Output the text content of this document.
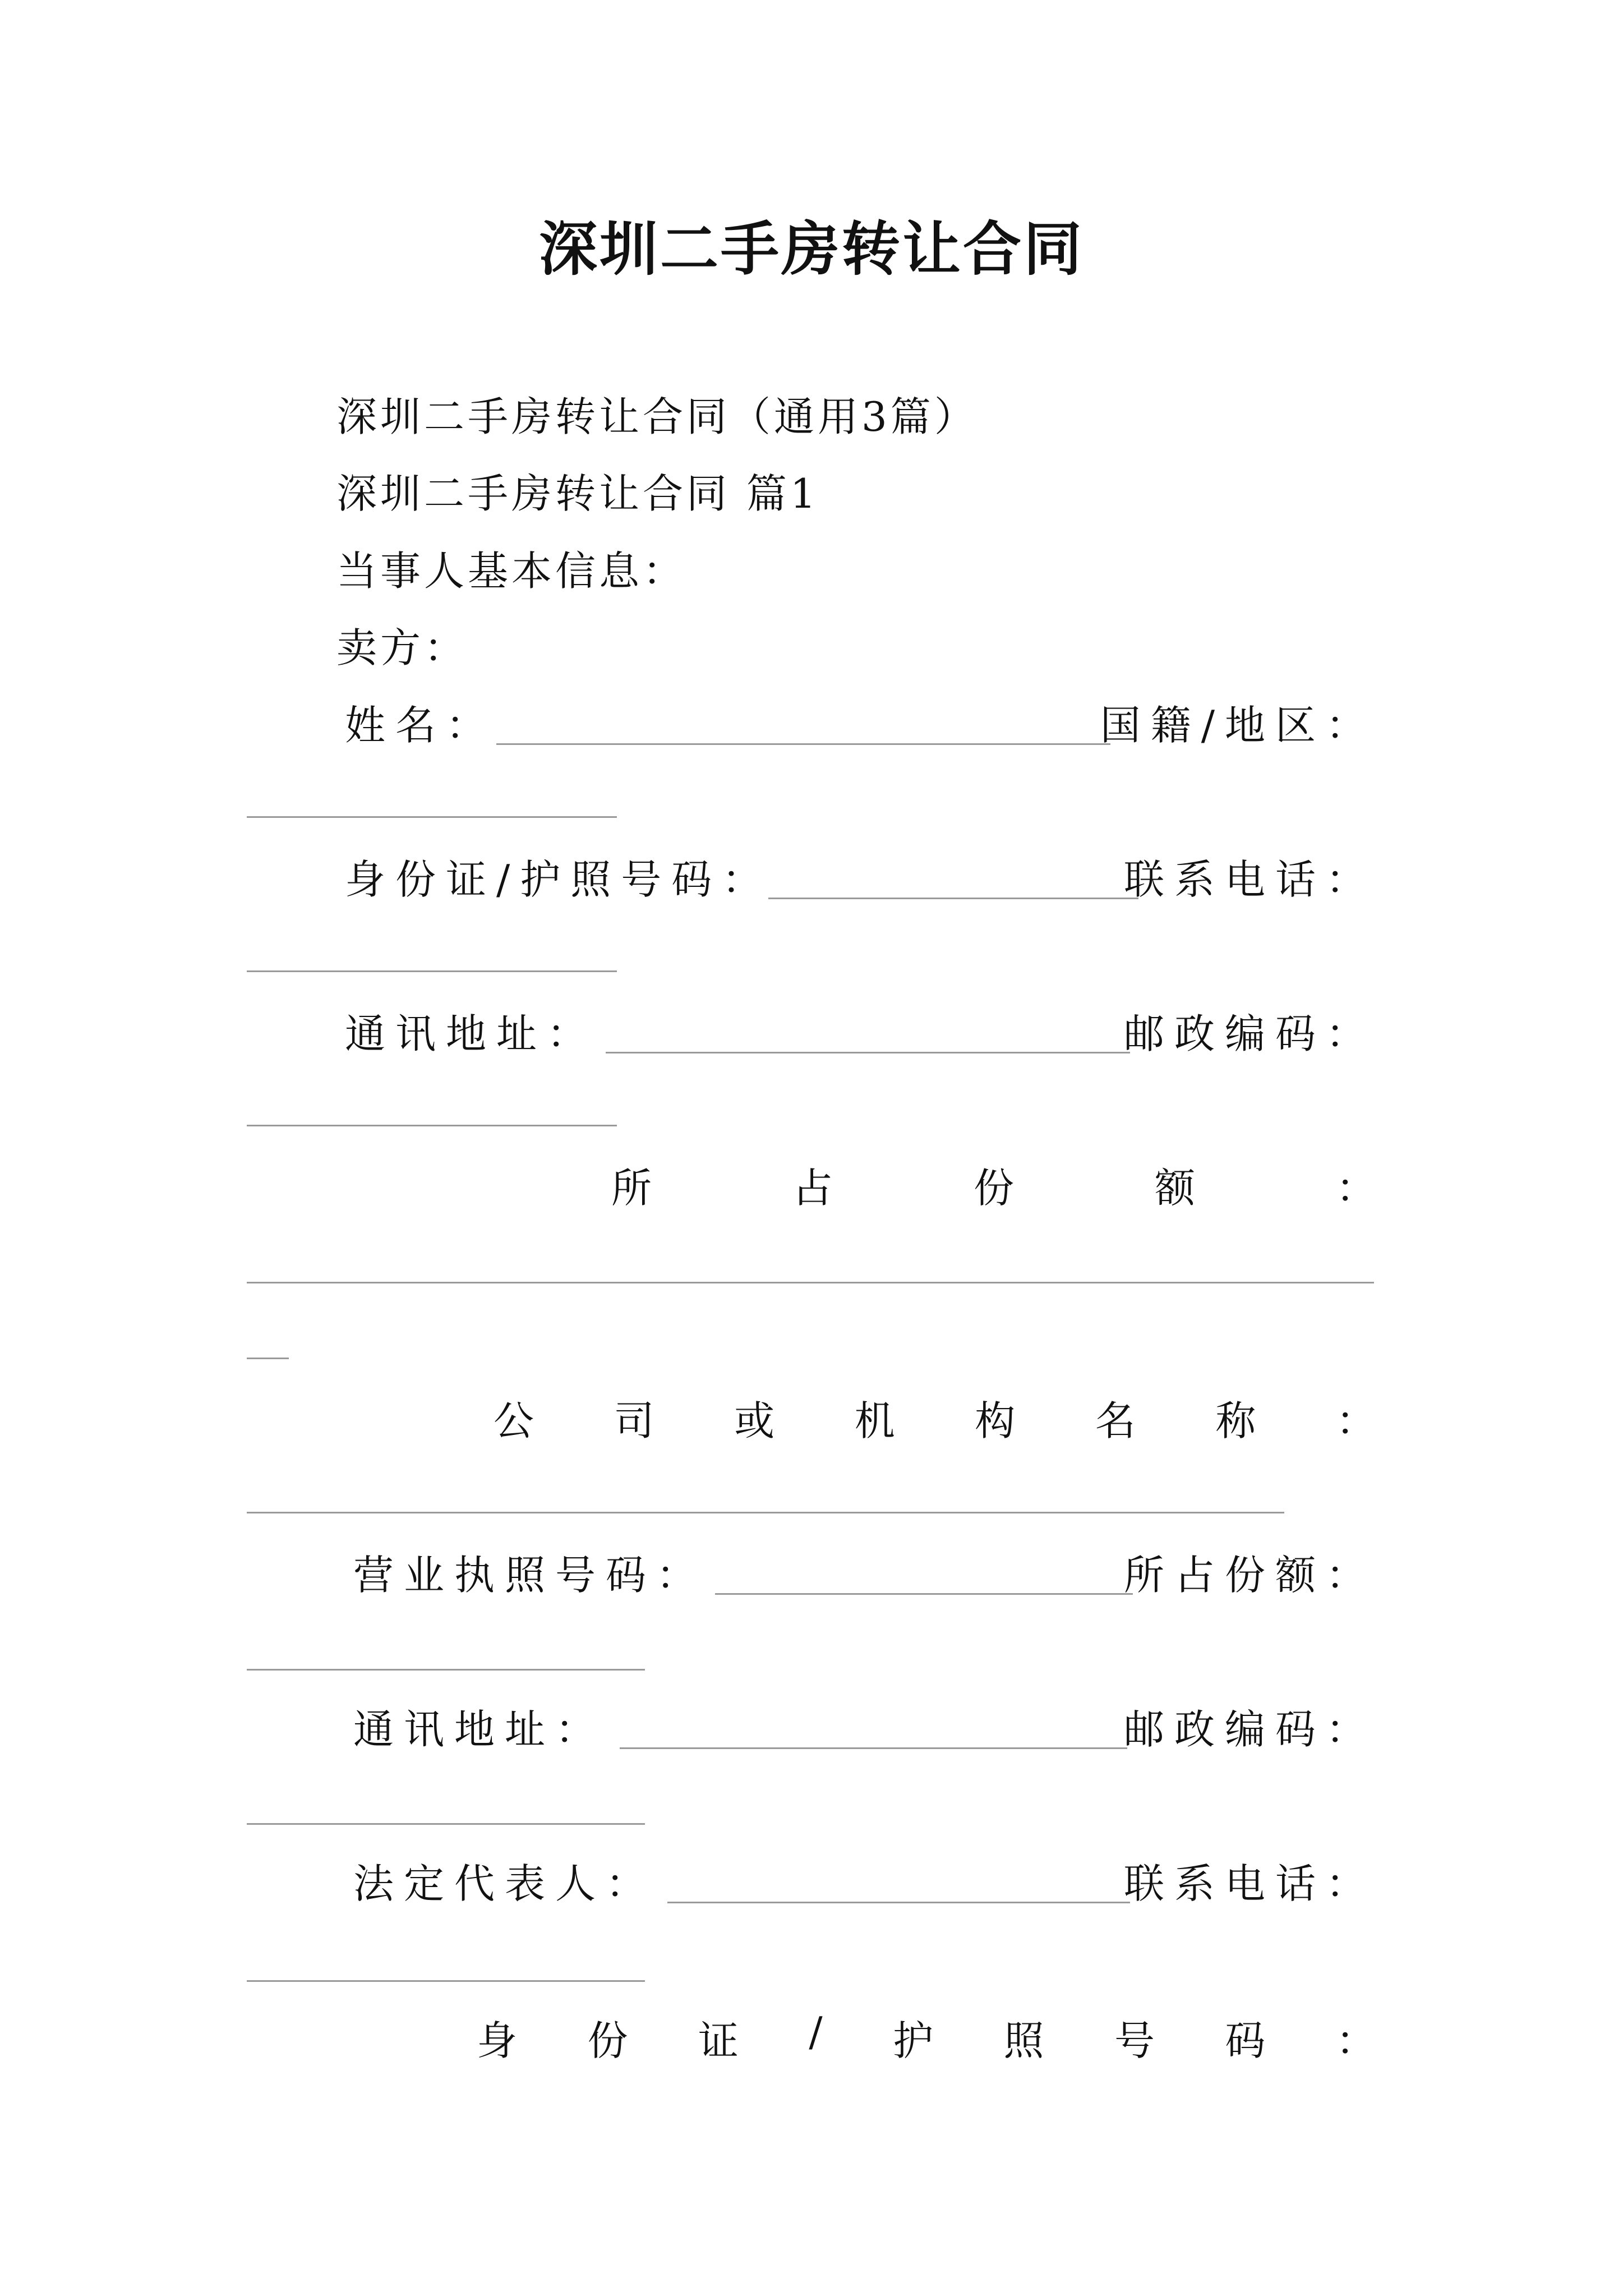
深圳二手房转让合同
深圳二手房转让合同（通用3篇）
深圳二手房转让合同 篇1
当事人基本信息：
卖方：
姓名：	国籍/地区：
身份证/护照号码：	联系电话：
通讯地址：	邮政编码：
所	占	份	额	：
公 司 或 机 构 名 称 ：
营业执照号码：	所占份额：
通讯地址：	邮政编码：
法定代表人：	联系电话：
身 份 证 / 护 照 号 码 ：
